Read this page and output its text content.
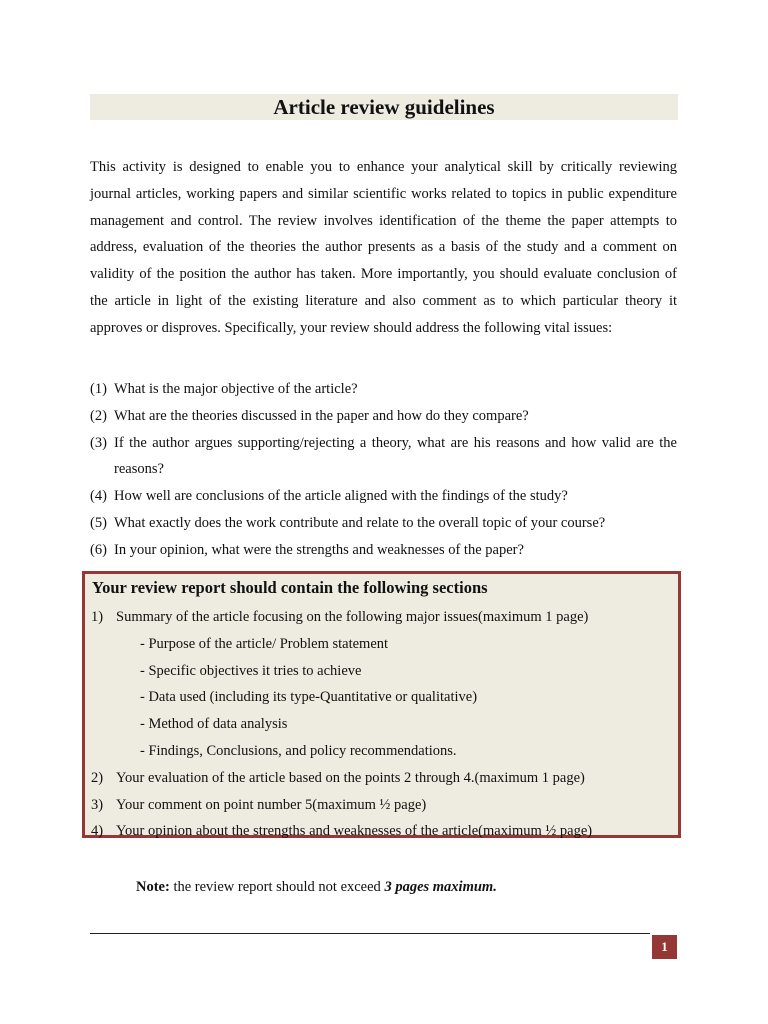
Article review guidelines

This activity is designed to enable you to enhance your analytical skill by critically reviewing journal articles, working papers and similar scientific works related to topics in public expenditure management and control. The review involves identification of the theme the paper attempts to address, evaluation of the theories the author presents as a basis of the study and a comment on validity of the position the author has taken. More importantly, you should evaluate conclusion of the article in light of the existing literature and also comment as to which particular theory it approves or disproves. Specifically, your review should address the following vital issues:

(1) What is the major objective of the article?
(2) What are the theories discussed in the paper and how do they compare?
(3) If the author argues supporting/rejecting a theory, what are his reasons and how valid are the reasons?
(4) How well are conclusions of the article aligned with the findings of the study?
(5) What exactly does the work contribute and relate to the overall topic of your course?
(6) In your opinion, what were the strengths and weaknesses of the paper?
Your review report should contain the following sections
1) Summary of the article focusing on the following major issues(maximum 1 page)
- Purpose of the article/ Problem statement
- Specific objectives it tries to achieve
- Data used (including its type-Quantitative or qualitative)
- Method of data analysis
- Findings, Conclusions, and policy recommendations.
2) Your evaluation of the article based on the points 2 through 4.(maximum 1 page)
3) Your comment on point number 5(maximum ½ page)
4) Your opinion about the strengths and weaknesses of the article(maximum ½ page)
Note: the review report should not exceed 3 pages maximum.
1
